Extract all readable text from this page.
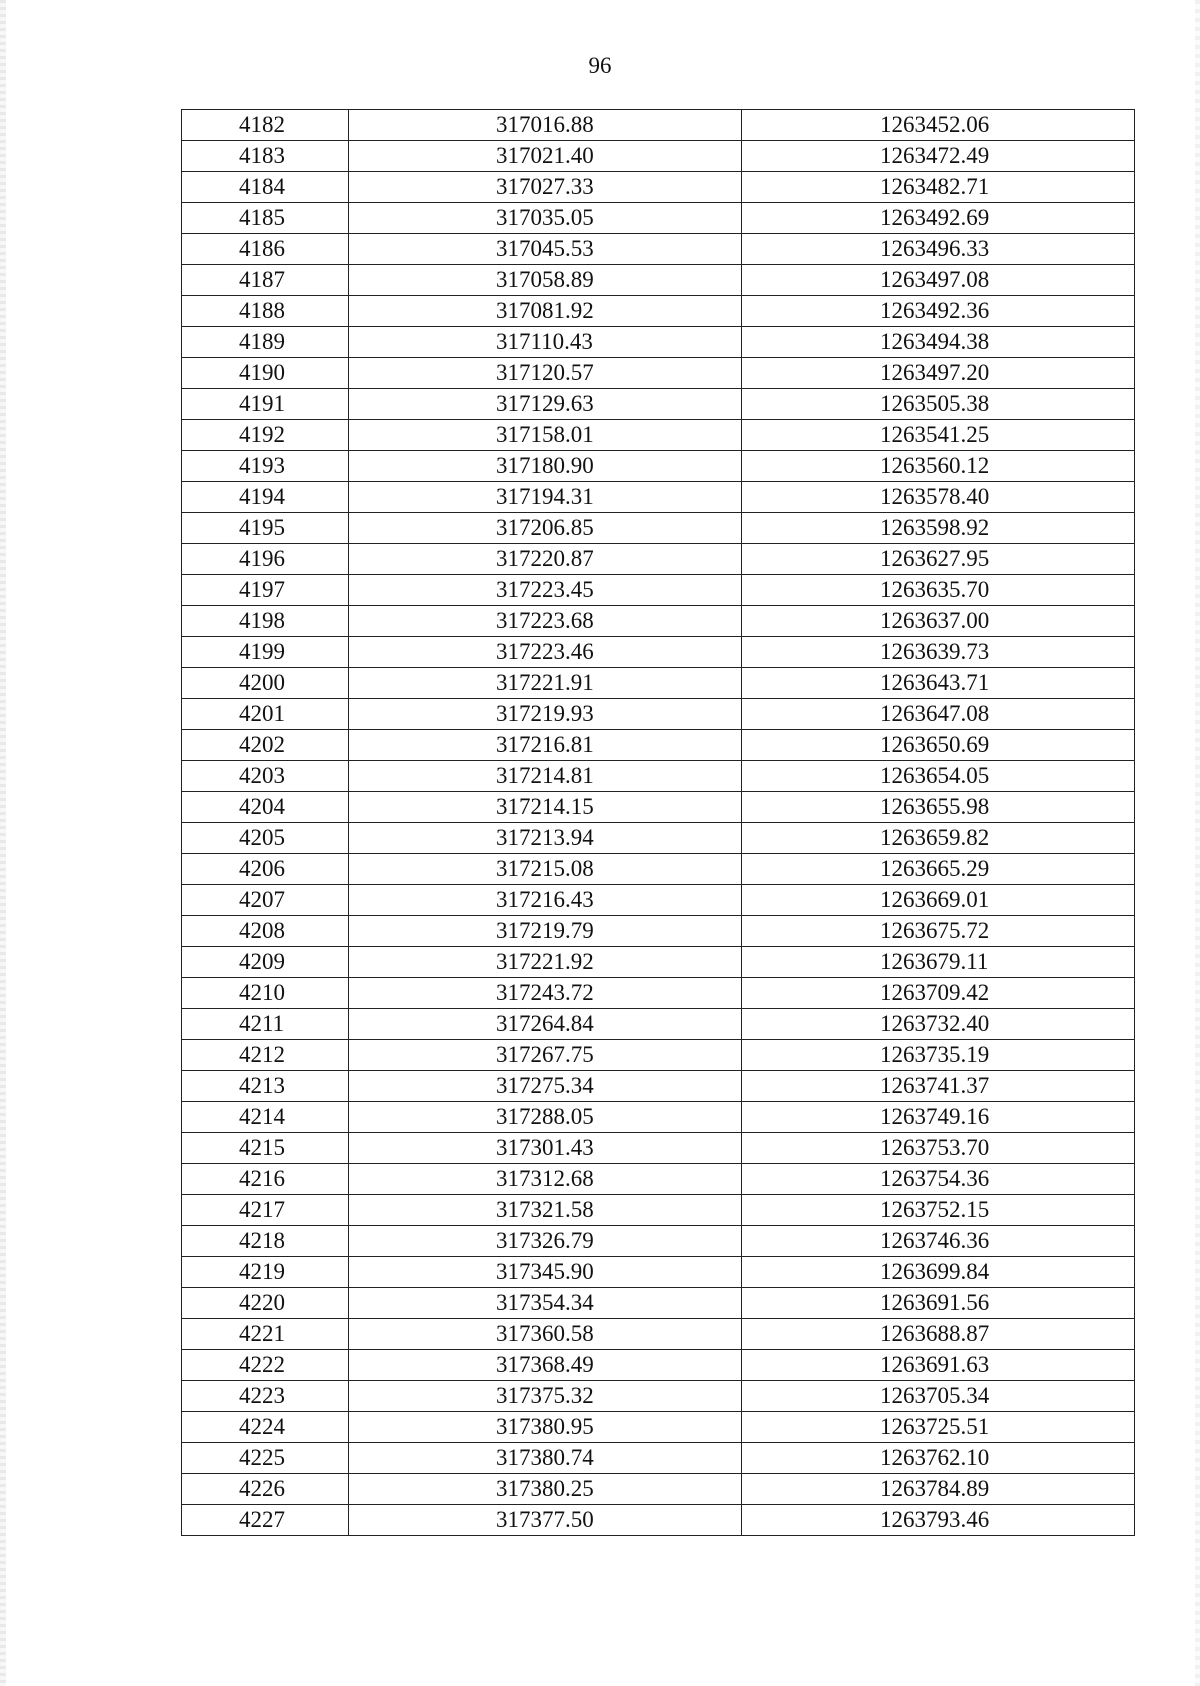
96
4182	317016.88	1263452.06
4183	317021.40	1263472.49
4184	317027.33	1263482.71
4185	317035.05	1263492.69
4186	317045.53	1263496.33
4187	317058.89	1263497.08
4188	317081.92	1263492.36
4189	317110.43	1263494.38
4190	317120.57	1263497.20
4191	317129.63	1263505.38
4192	317158.01	1263541.25
4193	317180.90	1263560.12
4194	317194.31	1263578.40
4195	317206.85	1263598.92
4196	317220.87	1263627.95
4197	317223.45	1263635.70
4198	317223.68	1263637.00
4199	317223.46	1263639.73
4200	317221.91	1263643.71
4201	317219.93	1263647.08
4202	317216.81	1263650.69
4203	317214.81	1263654.05
4204	317214.15	1263655.98
4205	317213.94	1263659.82
4206	317215.08	1263665.29
4207	317216.43	1263669.01
4208	317219.79	1263675.72
4209	317221.92	1263679.11
4210	317243.72	1263709.42
4211	317264.84	1263732.40
4212	317267.75	1263735.19
4213	317275.34	1263741.37
4214	317288.05	1263749.16
4215	317301.43	1263753.70
4216	317312.68	1263754.36
4217	317321.58	1263752.15
4218	317326.79	1263746.36
4219	317345.90	1263699.84
4220	317354.34	1263691.56
4221	317360.58	1263688.87
4222	317368.49	1263691.63
4223	317375.32	1263705.34
4224	317380.95	1263725.51
4225	317380.74	1263762.10
4226	317380.25	1263784.89
4227	317377.50	1263793.46
